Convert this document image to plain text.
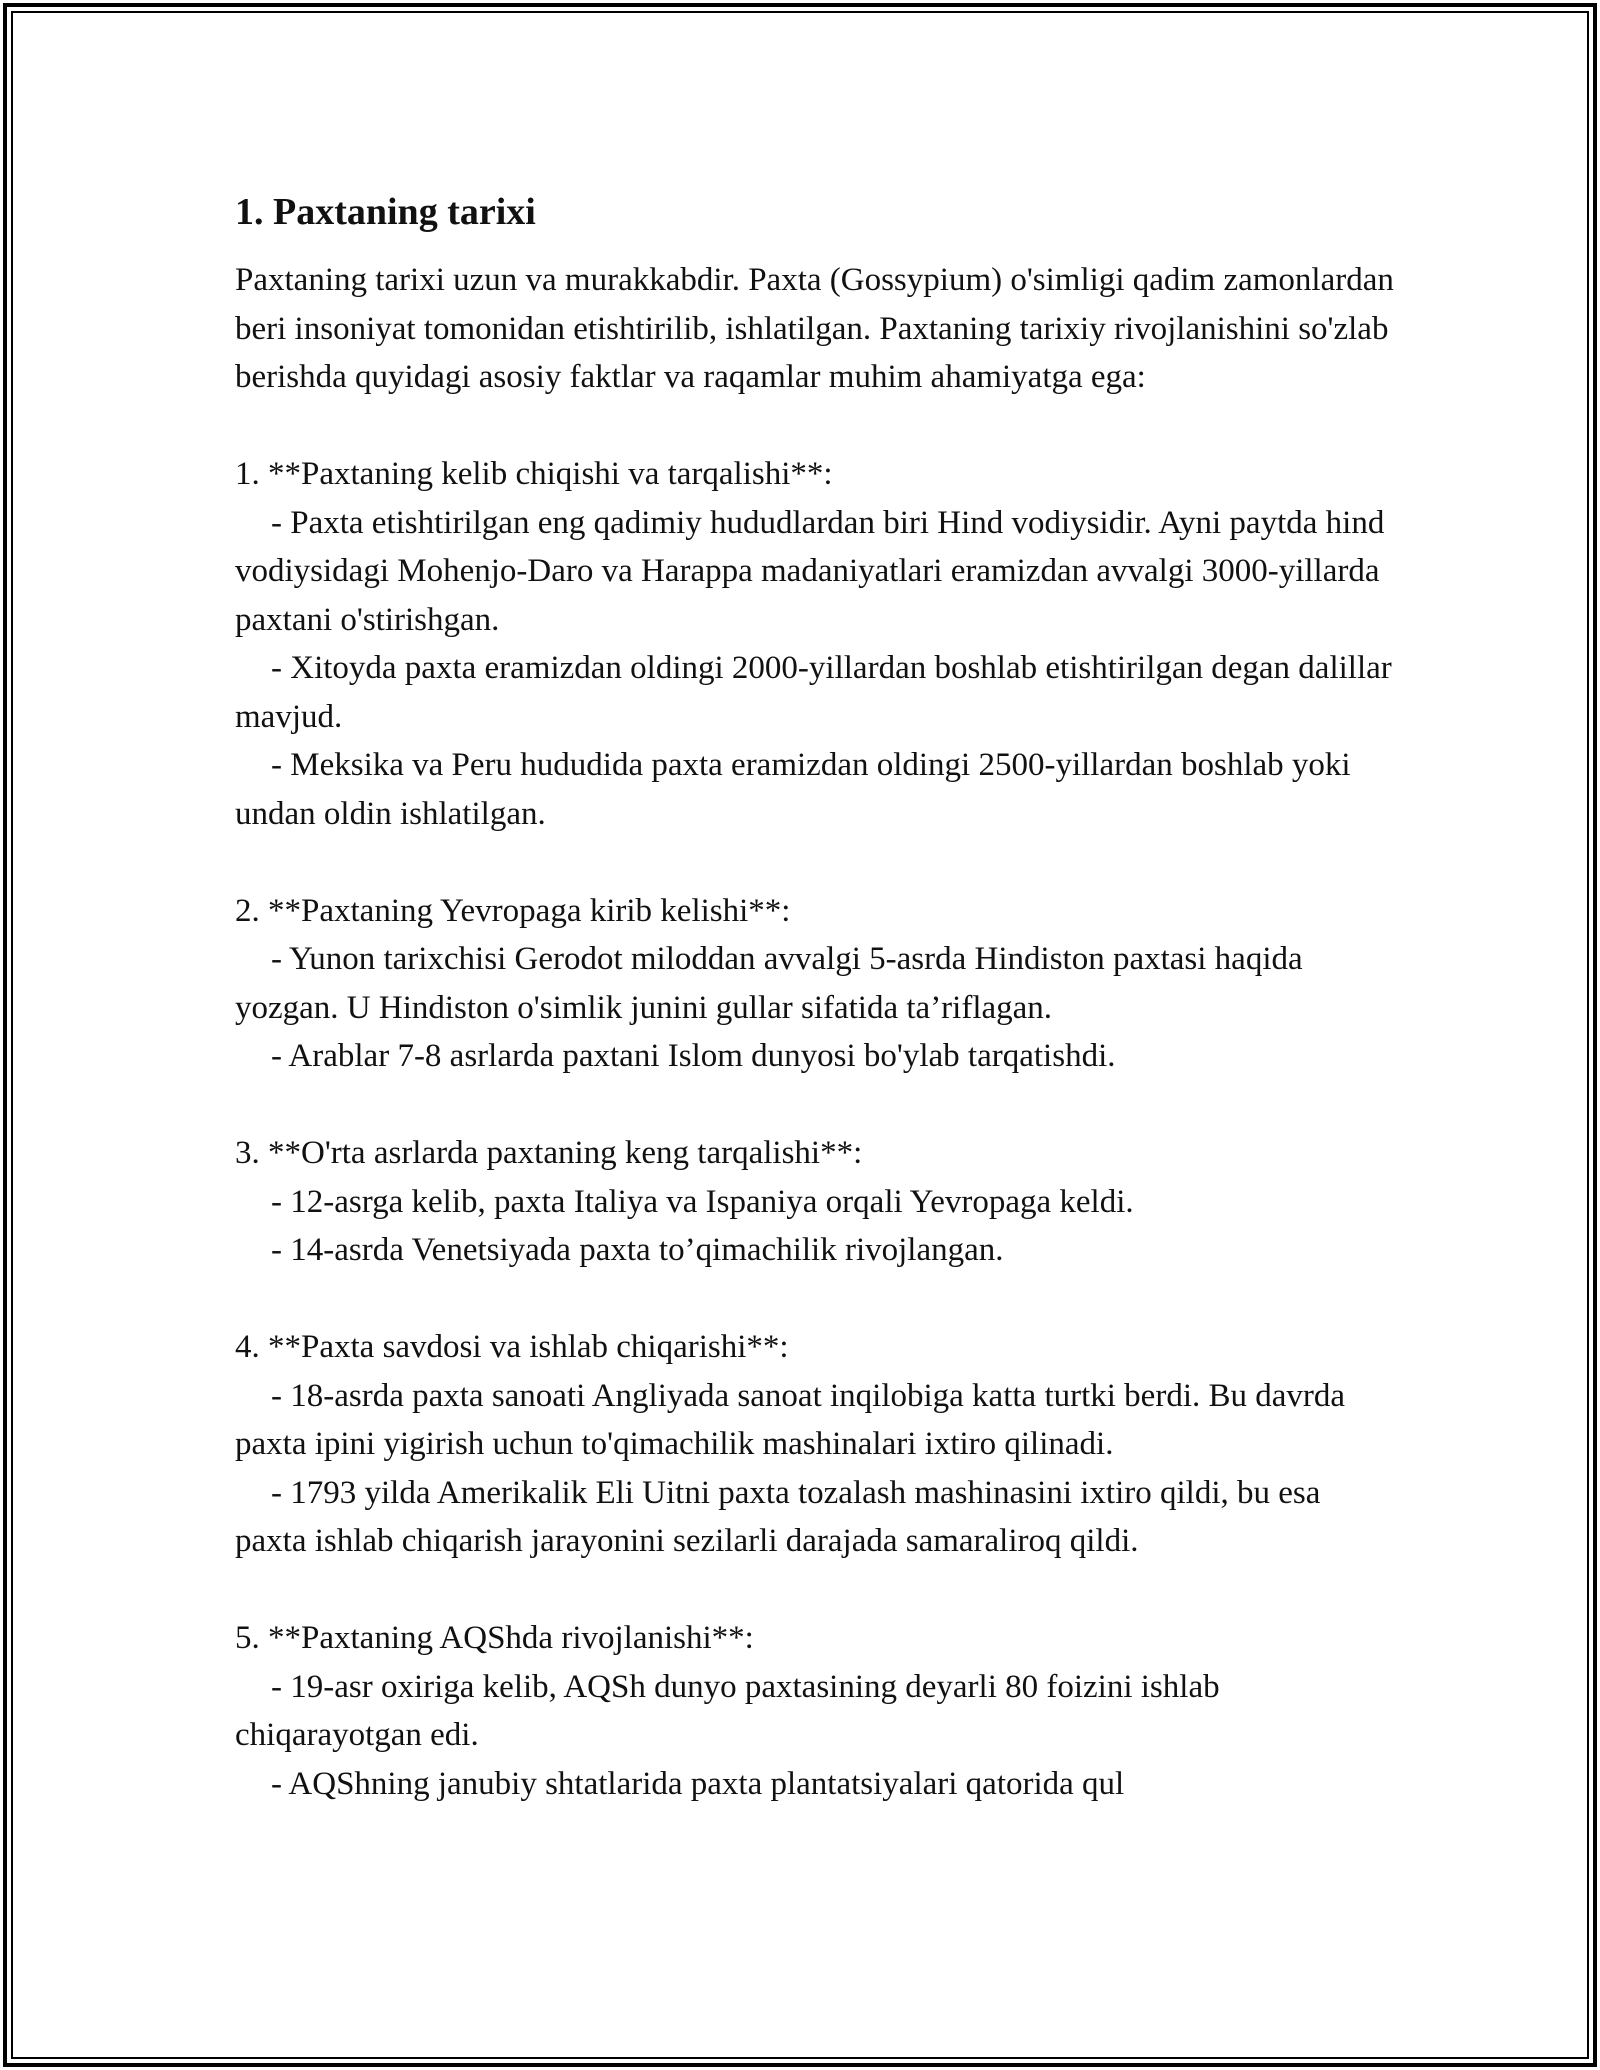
1. Paxtaning tarixi

Paxtaning tarixi uzun va murakkabdir. Paxta (Gossypium) o'simligi qadim zamonlardan beri insoniyat tomonidan etishtirilib, ishlatilgan. Paxtaning tarixiy rivojlanishini so'zlab berishda quyidagi asosiy faktlar va raqamlar muhim ahamiyatga ega:

1. **Paxtaning kelib chiqishi va tarqalishi**:

- Paxta etishtirilgan eng qadimiy hududlardan biri Hind vodiysidir. Ayni paytda hind vodiysidagi Mohenjo-Daro va Harappa madaniyatlari eramizdan avvalgi 3000-yillarda paxtani o'stirishgan.

- Xitoyda paxta eramizdan oldingi 2000-yillardan boshlab etishtirilgan degan dalillar mavjud.

- Meksika va Peru hududida paxta eramizdan oldingi 2500-yillardan boshlab yoki undan oldin ishlatilgan.

2. **Paxtaning Yevropaga kirib kelishi**:

- Yunon tarixchisi Gerodot miloddan avvalgi 5-asrda Hindiston paxtasi haqida yozgan. U Hindiston o'simlik junini gullar sifatida ta’riflagan.

- Arablar 7-8 asrlarda paxtani Islom dunyosi bo'ylab tarqatishdi.

3. **O'rta asrlarda paxtaning keng tarqalishi**:

- 12-asrga kelib, paxta Italiya va Ispaniya orqali Yevropaga keldi.

- 14-asrda Venetsiyada paxta to’qimachilik rivojlangan.

4. **Paxta savdosi va ishlab chiqarishi**:

- 18-asrda paxta sanoati Angliyada sanoat inqilobiga katta turtki berdi. Bu davrda paxta ipini yigirish uchun to'qimachilik mashinalari ixtiro qilinadi.

- 1793 yilda Amerikalik Eli Uitni paxta tozalash mashinasini ixtiro qildi, bu esa paxta ishlab chiqarish jarayonini sezilarli darajada samaraliroq qildi.

5. **Paxtaning AQShda rivojlanishi**:

- 19-asr oxiriga kelib, AQSh dunyo paxtasining deyarli 80 foizini ishlab chiqarayotgan edi.

- AQShning janubiy shtatlarida paxta plantatsiyalari qatorida qul
